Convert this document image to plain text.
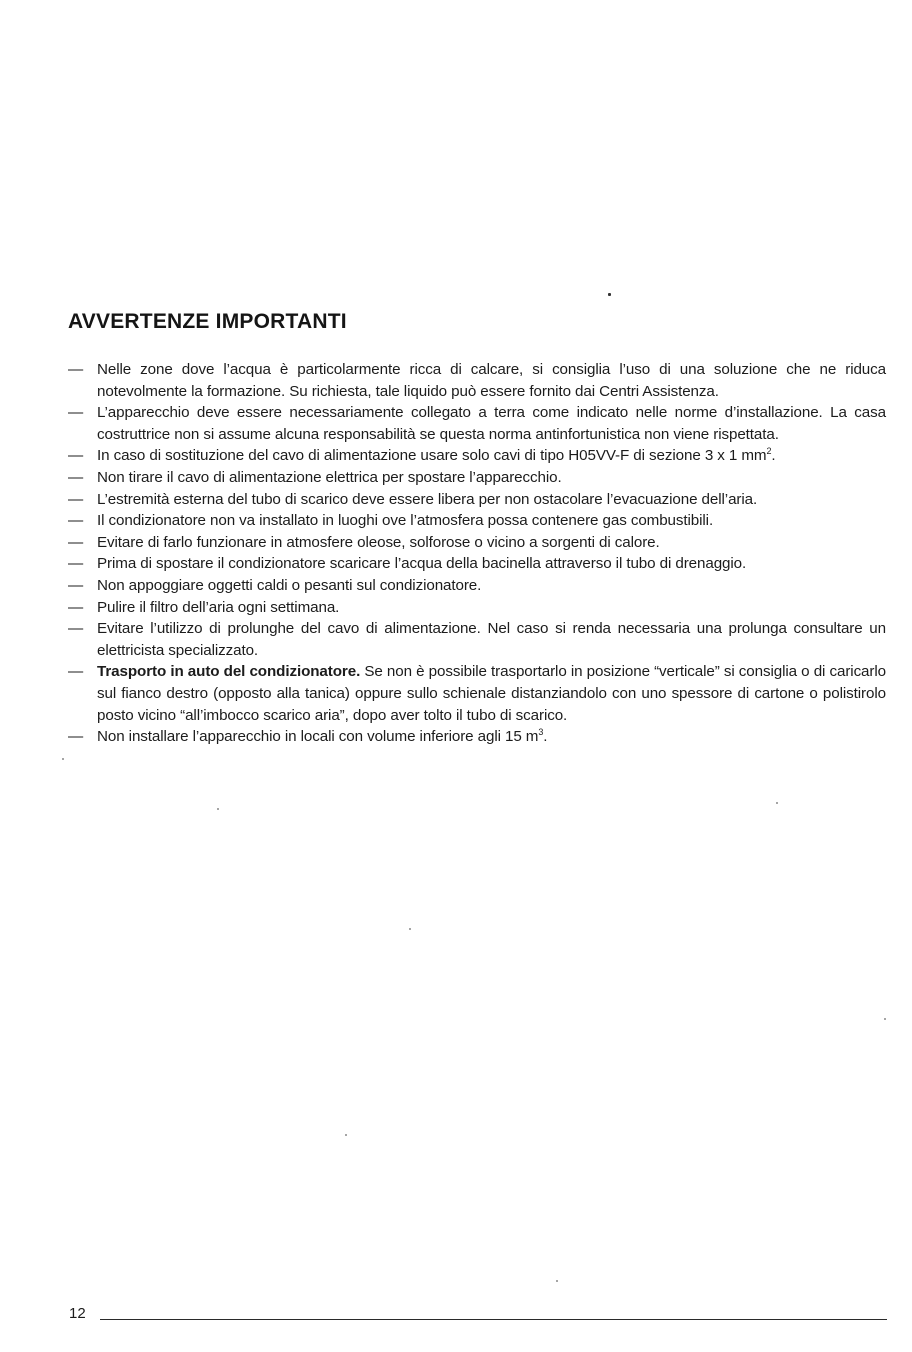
AVVERTENZE IMPORTANTI
— Nelle zone dove l’acqua è particolarmente ricca di calcare, si consiglia l’uso di una soluzione che ne riduca notevolmente la formazione. Su richiesta, tale liquido può essere fornito dai Centri Assistenza.
— L’apparecchio deve essere necessariamente collegato a terra come indicato nelle norme d’installazione. La casa costruttrice non si assume alcuna responsabilità se questa norma antinfortunistica non viene rispettata.
— In caso di sostituzione del cavo di alimentazione usare solo cavi di tipo H05VV-F di sezione 3 x 1 $mm^2$.
— Non tirare il cavo di alimentazione elettrica per spostare l’apparecchio.
— L’estremità esterna del tubo di scarico deve essere libera per non ostacolare l’evacuazione dell’aria.
— Il condizionatore non va installato in luoghi ove l’atmosfera possa contenere gas combustibili.
— Evitare di farlo funzionare in atmosfere oleose, solforose o vicino a sorgenti di calore.
— Prima di spostare il condizionatore scaricare l’acqua della bacinella attraverso il tubo di drenaggio.
— Non appoggiare oggetti caldi o pesanti sul condizionatore.
— Pulire il filtro dell’aria ogni settimana.
— Evitare l’utilizzo di prolunghe del cavo di alimentazione. Nel caso si renda necessaria una prolunga consultare un elettricista specializzato.
— Trasporto in auto del condizionatore. Se non è possibile trasportarlo in posizione “verticale” si consiglia o di caricarlo sul fianco destro (opposto alla tanica) oppure sullo schienale distanziandolo con uno spessore di cartone o polistirolo posto vicino “all’imbocco scarico aria”, dopo aver tolto il tubo di scarico.
— Non installare l’apparecchio in locali con volume inferiore agli 15 $m^3$.
12
